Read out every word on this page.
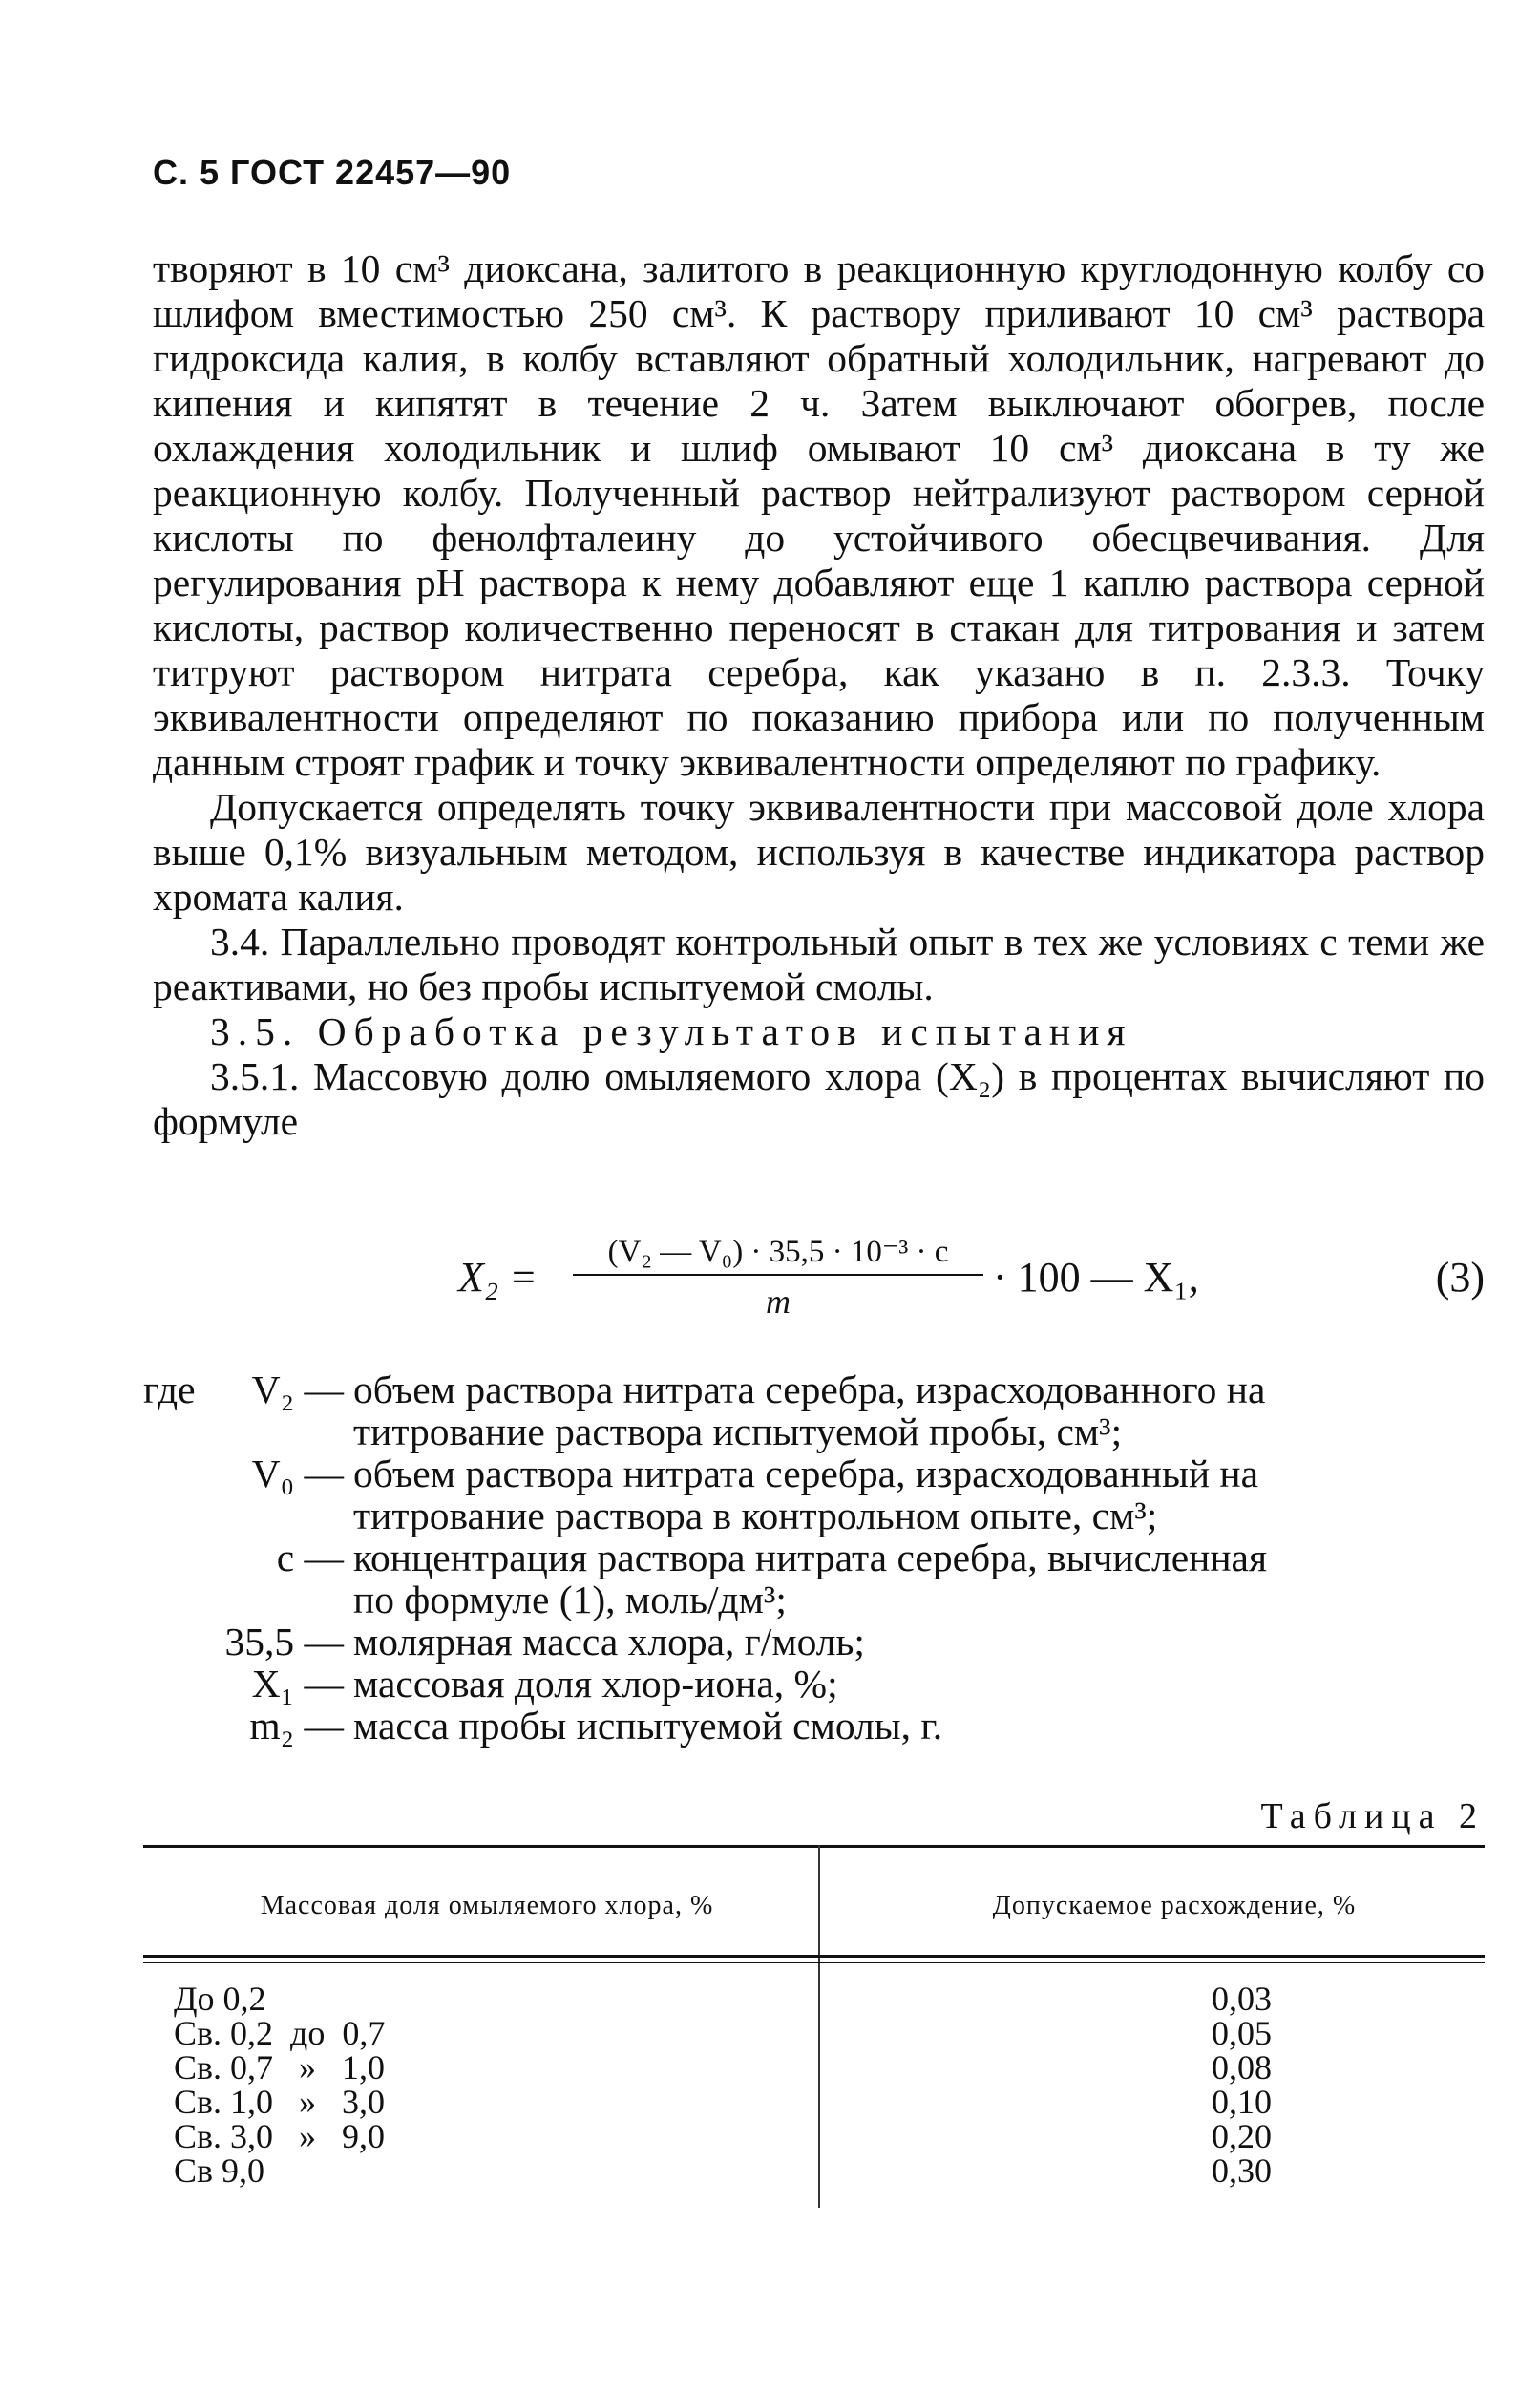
С. 5 ГОСТ 22457—90

творяют в 10 см³ диоксана, залитого в реакционную круглодонную колбу со шлифом вместимостью 250 см³. К раствору приливают 10 см³ раствора гидроксида калия, в колбу вставляют обратный холодильник, нагревают до кипения и кипятят в течение 2 ч. Затем выключают обогрев, после охлаждения холодильник и шлиф омывают 10 см³ диоксана в ту же реакционную колбу. Полученный раствор нейтрализуют раствором серной кислоты по фенолфталеину до устойчивого обесцвечивания. Для регулирования рН раствора к нему добавляют еще 1 каплю раствора серной кислоты, раствор количественно переносят в стакан для титрования и затем титруют раствором нитрата серебра, как указано в п. 2.3.3. Точку эквивалентности определяют по показанию прибора или по полученным данным строят график и точку эквивалентности определяют по графику.

Допускается определять точку эквивалентности при массовой доле хлора выше 0,1% визуальным методом, используя в качестве индикатора раствор хромата калия.

3.4. Параллельно проводят контрольный опыт в тех же условиях с теми же реактивами, но без пробы испытуемой смолы.

3.5. Обработка результатов испытания

3.5.1. Массовую долю омыляемого хлора (X₂) в процентах вычисляют по формуле

X₂ =
(V₂ — V₀) · 35,5 · 10⁻³ · c
m
· 100 — X₁,	(3)
где V₂ — объем раствора нитрата серебра, израсходованного на
титрование раствора испытуемой пробы, см³;
V₀ — объем раствора нитрата серебра, израсходованный на
титрование раствора в контрольном опыте, см³;
c — концентрация раствора нитрата серебра, вычисленная
по формуле (1), моль/дм³;
35,5 — молярная масса хлора, г/моль;
X₁ — массовая доля хлор-иона, %;
m₂ — масса пробы испытуемой смолы, г.
Таблица 2
Массовая доля омыляемого хлора, %	Допускаемое расхождение, %
До 0,2	0,03
Св. 0,2  до  0,7	0,05
Св. 0,7   »   1,0	0,08
Св. 1,0   »   3,0	0,10
Св. 3,0   »   9,0	0,20
Св 9,0	0,30
